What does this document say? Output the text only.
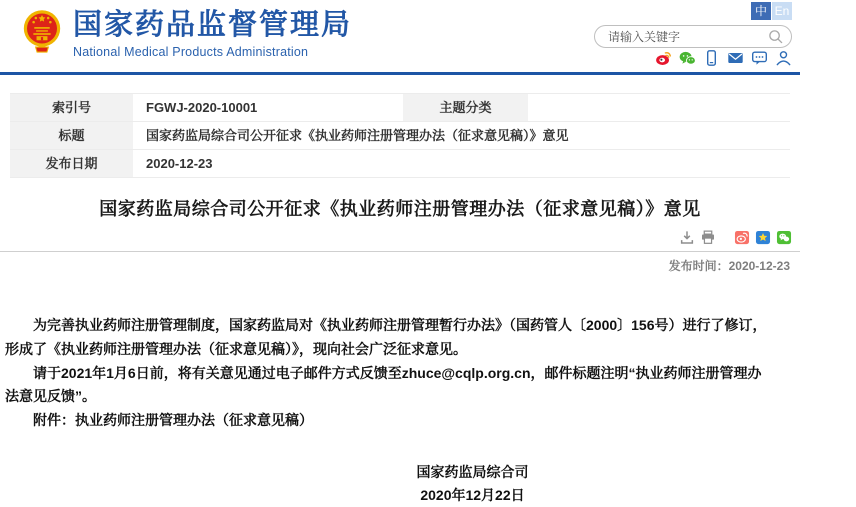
国家药品监督管理局
National Medical Products Administration
中 En
请输入关键字
索引号	FGWJ-2020-10001	主题分类
标题	国家药监局综合司公开征求《执业药师注册管理办法（征求意见稿）》意见
发布日期	2020-12-23
国家药监局综合司公开征求《执业药师注册管理办法（征求意见稿）》意见
发布时间：2020-12-23

为完善执业药师注册管理制度，国家药监局对《执业药师注册管理暂行办法》（国药管人〔2000〕156号）进行了修订，形成了《执业药师注册管理办法（征求意见稿）》，现向社会广泛征求意见。

请于2021年1月6日前，将有关意见通过电子邮件方式反馈至zhuce@cqlp.org.cn，邮件标题注明“执业药师注册管理办法意见反馈”。

附件：执业药师注册管理办法（征求意见稿）

国家药监局综合司
2020年12月22日
